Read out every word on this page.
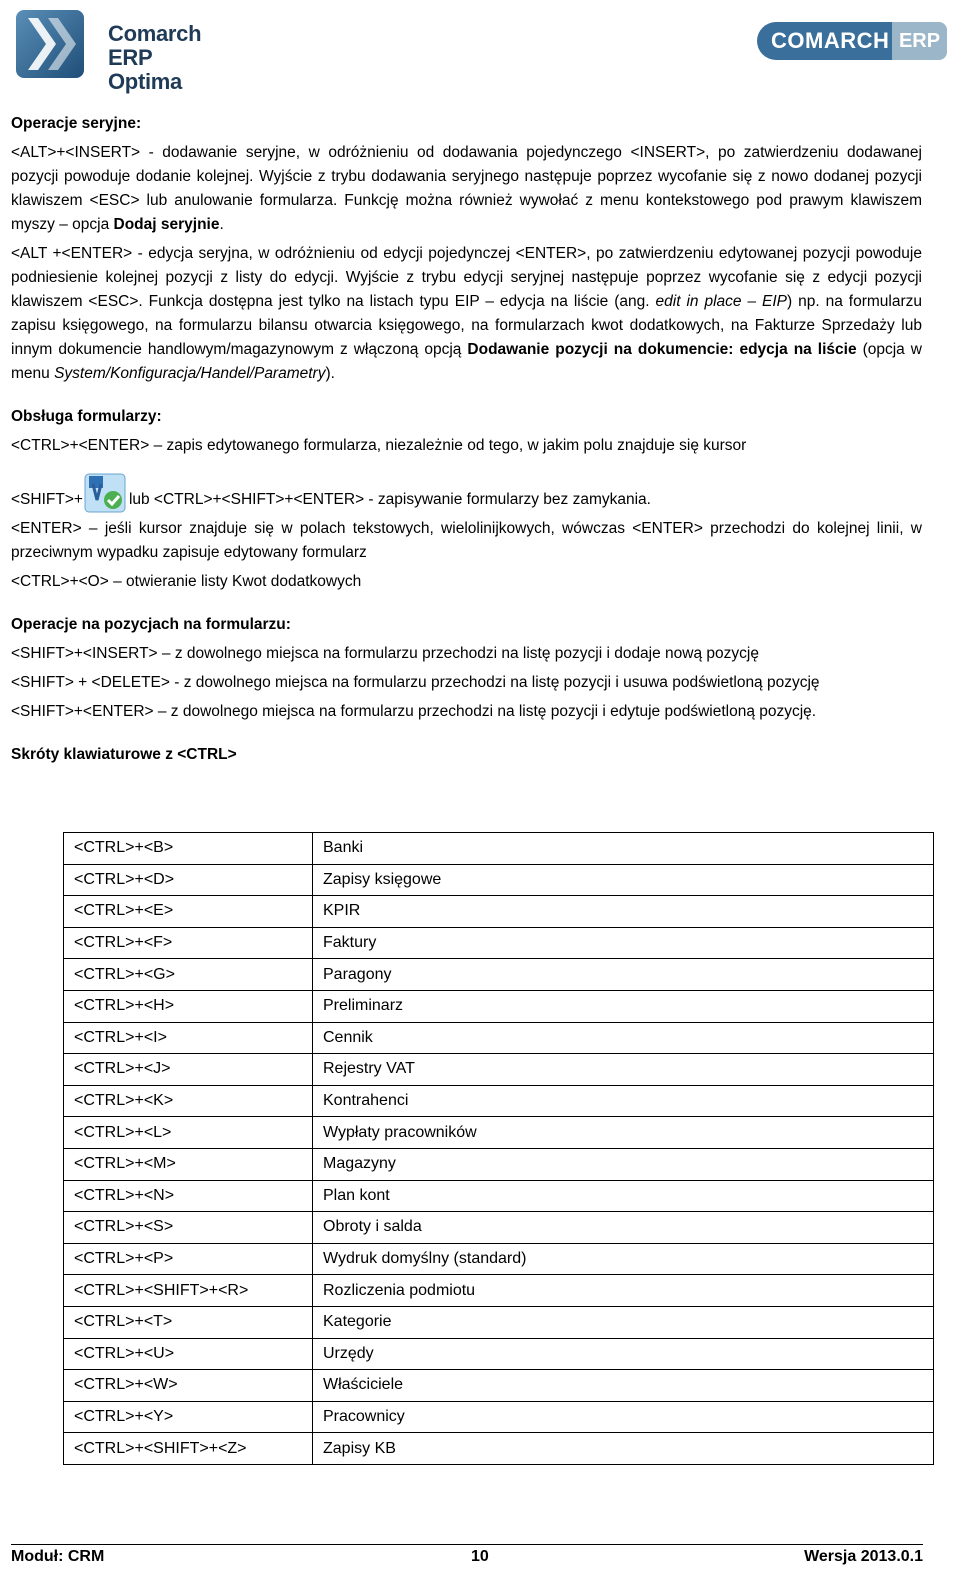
Comarch ERP
Optima
COMARCH ERP

Operacje seryjne:

<ALT>+<INSERT> - dodawanie seryjne, w odróżnieniu od dodawania pojedynczego <INSERT>, po zatwierdzeniu dodawanej pozycji powoduje dodanie kolejnej. Wyjście z trybu dodawania seryjnego następuje poprzez wycofanie się z nowo dodanej pozycji klawiszem <ESC> lub anulowanie formularza. Funkcję można również wywołać z menu kontekstowego pod prawym klawiszem myszy – opcja Dodaj seryjnie.

<ALT +<ENTER> - edycja seryjna, w odróżnieniu od edycji pojedynczej <ENTER>, po zatwierdzeniu edytowanej pozycji powoduje podniesienie kolejnej pozycji z listy do edycji. Wyjście z trybu edycji seryjnej następuje poprzez wycofanie się z edycji pozycji klawiszem <ESC>. Funkcja dostępna jest tylko na listach typu EIP – edycja na liście (ang. edit in place – EIP) np. na formularzu zapisu księgowego, na formularzu bilansu otwarcia księgowego, na formularzach kwot dodatkowych, na Fakturze Sprzedaży lub innym dokumencie handlowym/magazynowym z włączoną opcją Dodawanie pozycji na dokumencie: edycja na liście (opcja w menu System/Konfiguracja/Handel/Parametry).

Obsługa formularzy:

<CTRL>+<ENTER> – zapis edytowanego formularza, niezależnie od tego, w jakim polu znajduje się kursor

<SHIFT>+	lub <CTRL>+<SHIFT>+<ENTER> - zapisywanie formularzy bez zamykania.

<ENTER> – jeśli kursor znajduje się w polach tekstowych, wielolinijkowych, wówczas <ENTER> przechodzi do kolejnej linii, w przeciwnym wypadku zapisuje edytowany formularz

<CTRL>+<O> – otwieranie listy Kwot dodatkowych

Operacje na pozycjach na formularzu:

<SHIFT>+<INSERT> – z dowolnego miejsca na formularzu przechodzi na listę pozycji i dodaje nową pozycję

<SHIFT> + <DELETE> - z dowolnego miejsca na formularzu przechodzi na listę pozycji i usuwa podświetloną pozycję

<SHIFT>+<ENTER> – z dowolnego miejsca na formularzu przechodzi na listę pozycji i edytuje podświetloną pozycję.

Skróty klawiaturowe z <CTRL>

<CTRL>+<B>	Banki
<CTRL>+<D>	Zapisy księgowe
<CTRL>+<E>	KPIR
<CTRL>+<F>	Faktury
<CTRL>+<G>	Paragony
<CTRL>+<H>	Preliminarz
<CTRL>+<I>	Cennik
<CTRL>+<J>	Rejestry VAT
<CTRL>+<K>	Kontrahenci
<CTRL>+<L>	Wypłaty pracowników
<CTRL>+<M>	Magazyny
<CTRL>+<N>	Plan kont
<CTRL>+<S>	Obroty i salda
<CTRL>+<P>	Wydruk domyślny (standard)
<CTRL>+<SHIFT>+<R>	Rozliczenia podmiotu
<CTRL>+<T>	Kategorie
<CTRL>+<U>	Urzędy
<CTRL>+<W>	Właściciele
<CTRL>+<Y>	Pracownicy
<CTRL>+<SHIFT>+<Z>	Zapisy KB
Moduł: CRM	10	Wersja 2013.0.1
